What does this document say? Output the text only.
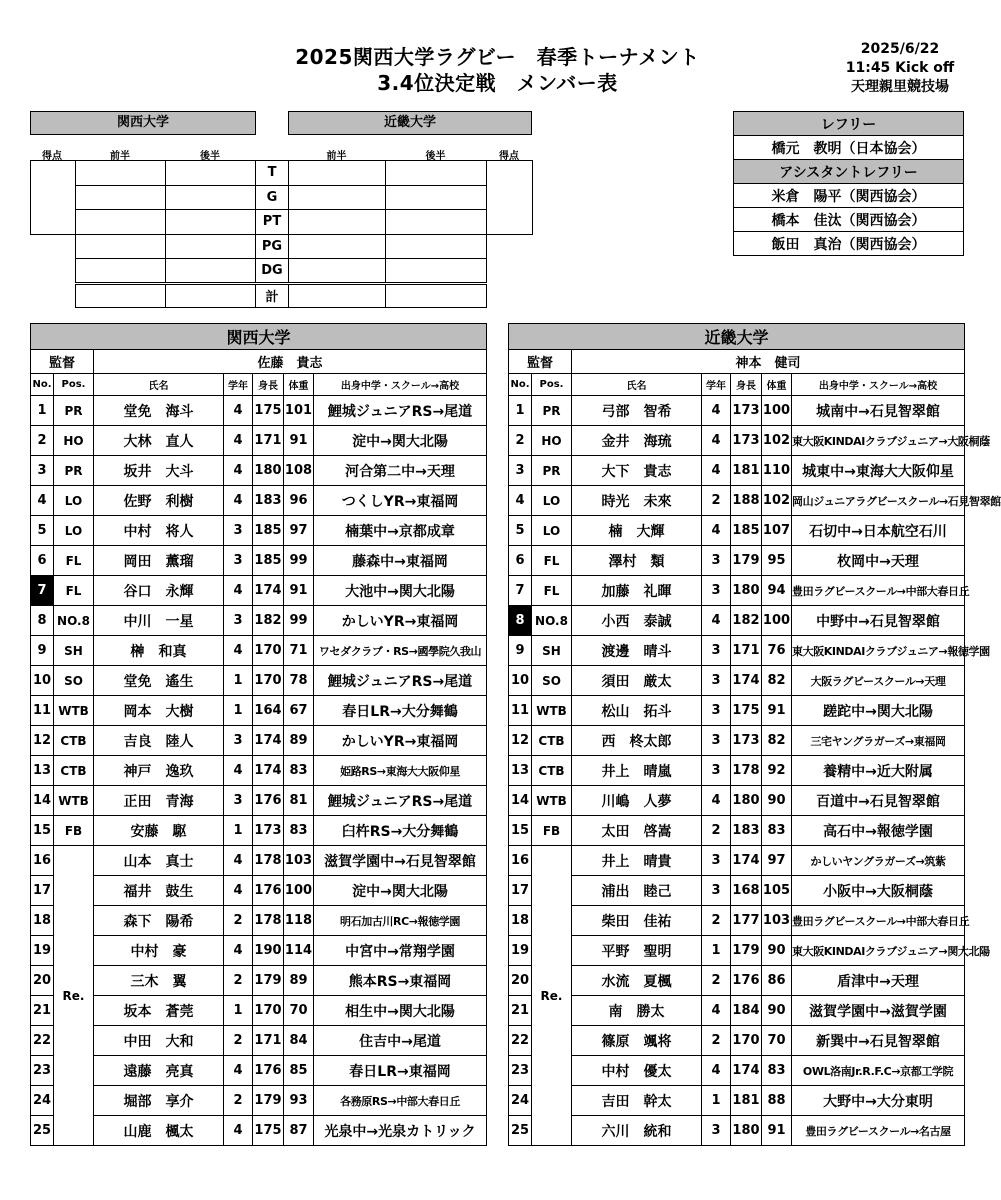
2025関西大学ラグビー　春季トーナメント
3.4位決定戦　メンバー表
2025/6/22
11:45 Kick off
天理親里競技場
関西大学	近畿大学
得点	前半	後半	前半	後半	得点
			T			
			G			
			PT			
			PG			
			DG			
			計			
レフリー
橋元　教明（日本協会）
アシスタントレフリー
米倉　陽平（関西協会）
橋本　佳汰（関西協会）
飯田　真治（関西協会）
関西大学						
監督		佐藤　貴志				
No.	Pos.	氏名	学年	身長	体重	出身中学・スクール→高校
1	PR	堂免　海斗	4	175	101	鯉城ジュニアRS→尾道
2	HO	大林　直人	4	171	91	淀中→関大北陽
3	PR	坂井　大斗	4	180	108	河合第二中→天理
4	LO	佐野　利樹	4	183	96	つくしYR→東福岡
5	LO	中村　将人	3	185	97	楠葉中→京都成章
6	FL	岡田　薫瑠	3	185	99	藤森中→東福岡
7	FL	谷口　永輝	4	174	91	大池中→関大北陽
8	NO.8	中川　一星	3	182	99	かしいYR→東福岡
9	SH	榊　和真	4	170	71	ワセダクラブ・RS→國學院久我山
10	SO	堂免　遙生	1	170	78	鯉城ジュニアRS→尾道
11	WTB	岡本　大樹	1	164	67	春日LR→大分舞鶴
12	CTB	吉良　陸人	3	174	89	かしいYR→東福岡
13	CTB	神戸　逸玖	4	174	83	姫路RS→東海大大阪仰星
14	WTB	正田　青海	3	176	81	鯉城ジュニアRS→尾道
15	FB	安藤　駆	1	173	83	臼杵RS→大分舞鶴
16	Re.	山本　真士	4	178	103	滋賀学園中→石見智翠館
17		福井　鼓生	4	176	100	淀中→関大北陽
18		森下　陽希	2	178	118	明石加古川RC→報徳学園
19		中村　豪	4	190	114	中宮中→常翔学園
20		三木　翼	2	179	89	熊本RS→東福岡
21		坂本　蒼莞	1	170	70	相生中→関大北陽
22		中田　大和	2	171	84	住吉中→尾道
23		遠藤　亮真	4	176	85	春日LR→東福岡
24		堀部　享介	2	179	93	各務原RS→中部大春日丘
25		山鹿　楓太	4	175	87	光泉中→光泉カトリック
近畿大学						
監督		神本　健司				
No.	Pos.	氏名	学年	身長	体重	出身中学・スクール→高校
1	PR	弓部　智希	4	173	100	城南中→石見智翠館
2	HO	金井　海琉	4	173	102	東大阪KINDAIクラブジュニア→大阪桐蔭
3	PR	大下　貴志	4	181	110	城東中→東海大大阪仰星
4	LO	時光　未來	2	188	102	岡山ジュニアラグビースクール→石見智翠館
5	LO	楠　大輝	4	185	107	石切中→日本航空石川
6	FL	澤村　類	3	179	95	枚岡中→天理
7	FL	加藤　礼暉	3	180	94	豊田ラグビースクール→中部大春日丘
8	NO.8	小西　泰誠	4	182	100	中野中→石見智翠館
9	SH	渡邊　晴斗	3	171	76	東大阪KINDAIクラブジュニア→報徳学園
10	SO	須田　厳太	3	174	82	大阪ラグビースクール→天理
11	WTB	松山　拓斗	3	175	91	蹉跎中→関大北陽
12	CTB	西　柊太郎	3	173	82	三宅ヤングラガーズ→東福岡
13	CTB	井上　晴嵐	3	178	92	養精中→近大附属
14	WTB	川嶋　人夢	4	180	90	百道中→石見智翠館
15	FB	太田　啓嵩	2	183	83	高石中→報徳学園
16	Re.	井上　晴貴	3	174	97	かしいヤングラガーズ→筑紫
17		浦出　睦己	3	168	105	小阪中→大阪桐蔭
18		柴田　佳祐	2	177	103	豊田ラグビースクール→中部大春日丘
19		平野　聖明	1	179	90	東大阪KINDAIクラブジュニア→関大北陽
20		水流　夏楓	2	176	86	盾津中→天理
21		南　勝太	4	184	90	滋賀学園中→滋賀学園
22		篠原　颯将	2	170	70	新巽中→石見智翠館
23		中村　優太	4	174	83	OWL洛南Jr.R.F.C→京都工学院
24		吉田　幹太	1	181	88	大野中→大分東明
25		六川　統和	3	180	91	豊田ラグビースクール→名古屋
